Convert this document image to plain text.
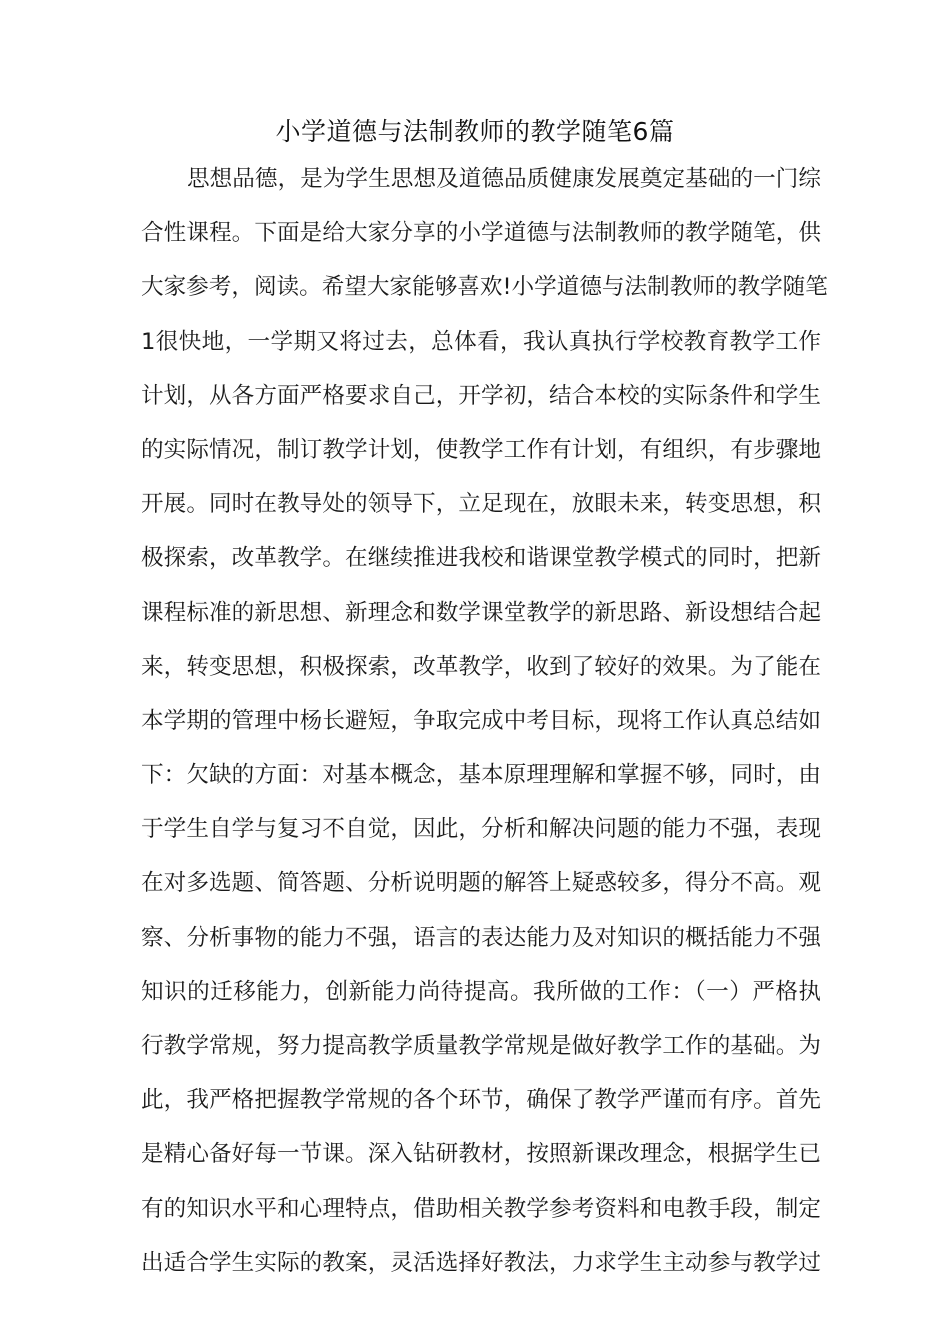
小学道德与法制教师的教学随笔6篇
思想品德，是为学生思想及道德品质健康发展奠定基础的一门综
合性课程。下面是给大家分享的小学道德与法制教师的教学随笔，供
大家参考，阅读。希望大家能够喜欢!小学道德与法制教师的教学随笔
1很快地，一学期又将过去，总体看，我认真执行学校教育教学工作
计划，从各方面严格要求自己，开学初，结合本校的实际条件和学生
的实际情况，制订教学计划，使教学工作有计划，有组织，有步骤地
开展。同时在教导处的领导下，立足现在，放眼未来，转变思想，积
极探索，改革教学。在继续推进我校和谐课堂教学模式的同时，把新
课程标准的新思想、新理念和数学课堂教学的新思路、新设想结合起
来，转变思想，积极探索，改革教学，收到了较好的效果。为了能在
本学期的管理中杨长避短，争取完成中考目标，现将工作认真总结如
下：欠缺的方面：对基本概念，基本原理理解和掌握不够，同时，由
于学生自学与复习不自觉，因此，分析和解决问题的能力不强，表现
在对多选题、简答题、分析说明题的解答上疑惑较多，得分不高。观
察、分析事物的能力不强，语言的表达能力及对知识的概括能力不强
知识的迁移能力，创新能力尚待提高。我所做的工作：（一）严格执
行教学常规，努力提高教学质量教学常规是做好教学工作的基础。为
此，我严格把握教学常规的各个环节，确保了教学严谨而有序。首先
是精心备好每一节课。深入钻研教材，按照新课改理念，根据学生已
有的知识水平和心理特点，借助相关教学参考资料和电教手段，制定
出适合学生实际的教案，灵活选择好教法，力求学生主动参与教学过
